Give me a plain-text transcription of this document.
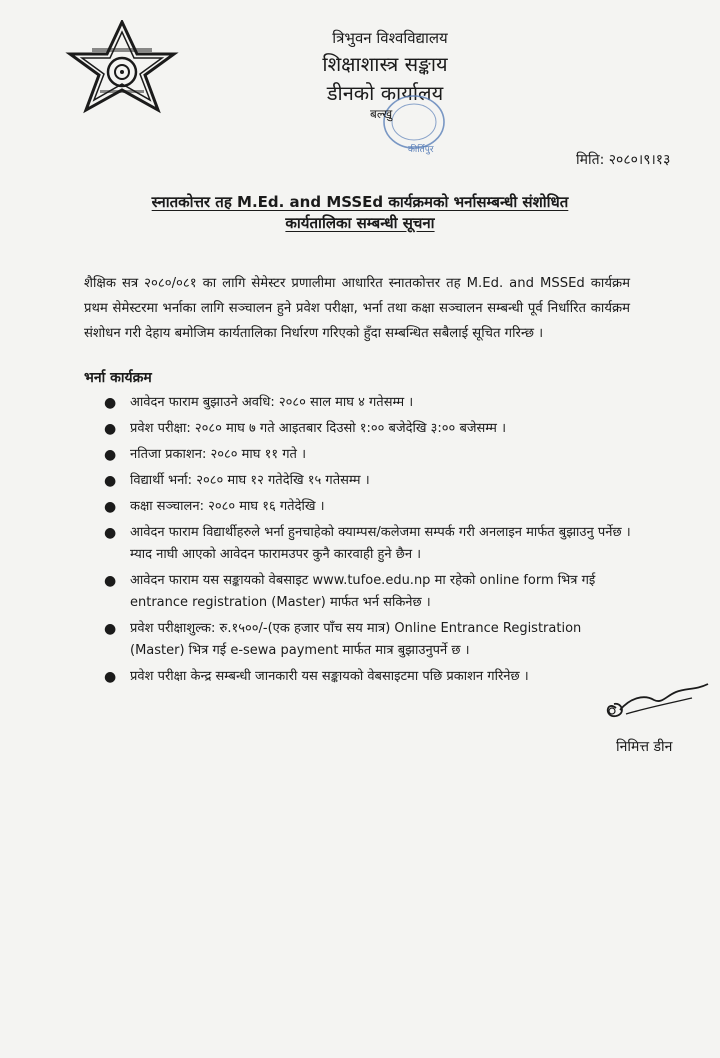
त्रिभुवन विश्वविद्यालय
शिक्षाशास्त्र सङ्काय
डीनको कार्यालय
बल्खु
कीर्तिपुर
मिति: २०८०।९।१३
स्नातकोत्तर तह M.Ed. and MSSEd कार्यक्रमको भर्नासम्बन्धी संशोधित कार्यतालिका सम्बन्धी सूचना

शैक्षिक सत्र २०८०/०८१ का लागि सेमेस्टर प्रणालीमा आधारित स्नातकोत्तर तह M.Ed. and MSSEd कार्यक्रम प्रथम सेमेस्टरमा भर्नाका लागि सञ्चालन हुने प्रवेश परीक्षा, भर्ना तथा कक्षा सञ्चालन सम्बन्धी पूर्व निर्धारित कार्यक्रम संशोधन गरी देहाय बमोजिम कार्यतालिका निर्धारण गरिएको हुँदा सम्बन्धित सबैलाई सूचित गरिन्छ ।

भर्ना कार्यक्रम
● आवेदन फाराम बुझाउने अवधि: २०८० साल माघ ४ गतेसम्म ।
● प्रवेश परीक्षा: २०८० माघ ७ गते आइतबार दिउसो १:०० बजेदेखि ३:०० बजेसम्म ।
● नतिजा प्रकाशन: २०८० माघ ११ गते ।
● विद्यार्थी भर्ना: २०८० माघ १२ गतेदेखि १५ गतेसम्म ।
● कक्षा सञ्चालन: २०८० माघ १६ गतेदेखि ।
● आवेदन फाराम विद्यार्थीहरुले भर्ना हुनचाहेको क्याम्पस/कलेजमा सम्पर्क गरी अनलाइन मार्फत बुझाउनु पर्नेछ । म्याद नाघी आएको आवेदन फारामउपर कुनै कारवाही हुने छैन ।
● आवेदन फाराम यस सङ्कायको वेबसाइट www.tufoe.edu.np मा रहेको online form भित्र गई entrance registration (Master) मार्फत भर्न सकिनेछ ।
● प्रवेश परीक्षाशुल्क: रु.१५००/-(एक हजार पाँच सय मात्र) Online Entrance Registration (Master) भित्र गई e-sewa payment मार्फत मात्र बुझाउनुपर्ने छ ।
● प्रवेश परीक्षा केन्द्र सम्बन्धी जानकारी यस सङ्कायको वेबसाइटमा पछि प्रकाशन गरिनेछ ।
निमित्त डीन
